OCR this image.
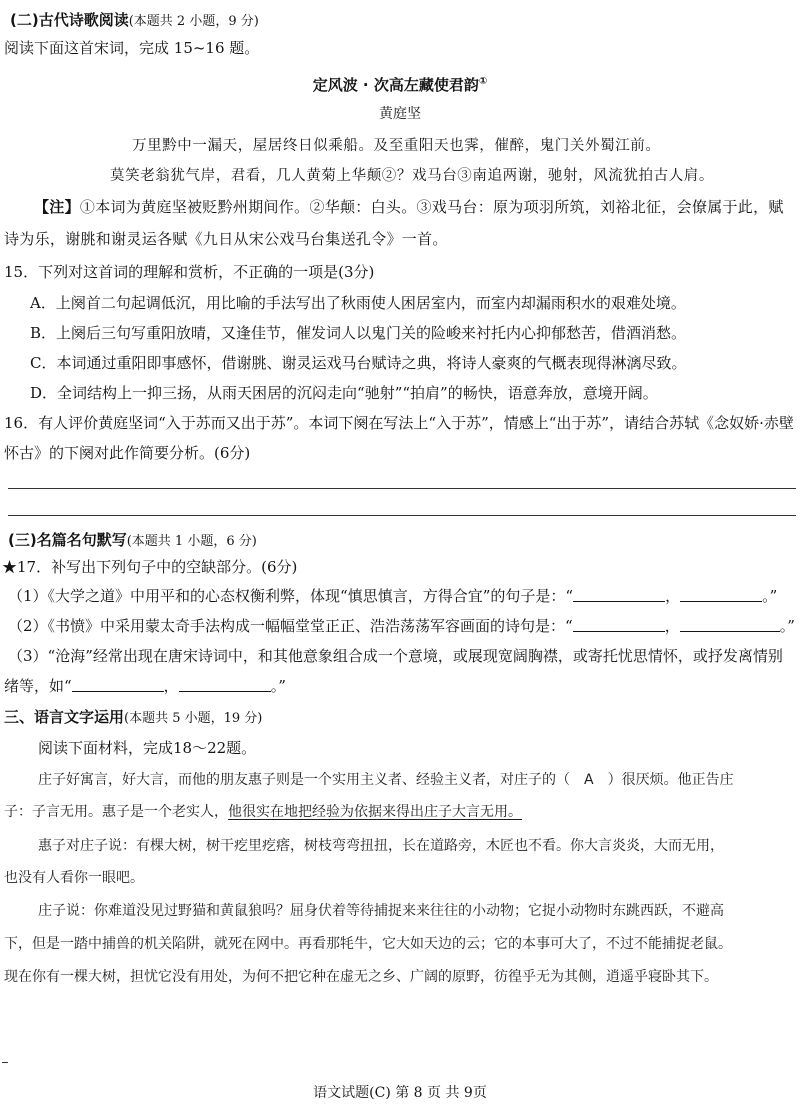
(二)古代诗歌阅读(本题共 2 小题，9 分)
阅读下面这首宋词，完成 15~16 题。
定风波 · 次高左藏使君韵①
黄庭坚
万里黔中一漏天，屋居终日似乘船。及至重阳天也霁，催醉，鬼门关外蜀江前。
莫笑老翁犹气岸，君看，几人黄菊上华颠②？戏马台③南追两谢，驰射，风流犹拍古人肩。
【注】①本词为黄庭坚被贬黔州期间作。②华颠：白头。③戏马台：原为项羽所筑，刘裕北征，会僚属于此，赋
诗为乐，谢朓和谢灵运各赋《九日从宋公戏马台集送孔令》一首。
15．下列对这首词的理解和赏析，不正确的一项是(3分)
A．上阕首二句起调低沉，用比喻的手法写出了秋雨使人困居室内，而室内却漏雨积水的艰难处境。
B．上阕后三句写重阳放晴，又逢佳节，催发词人以鬼门关的险峻来衬托内心抑郁愁苦，借酒消愁。
C．本词通过重阳即事感怀，借谢朓、谢灵运戏马台赋诗之典，将诗人豪爽的气概表现得淋漓尽致。
D．全词结构上一抑三扬，从雨天困居的沉闷走向“驰射”“拍肩”的畅快，语意奔放，意境开阔。
16．有人评价黄庭坚词“入于苏而又出于苏”。本词下阕在写法上“入于苏”，情感上“出于苏”，请结合苏轼《念奴娇·赤壁
怀古》的下阕对此作简要分析。(6分)
(三)名篇名句默写(本题共 1 小题，6 分)
★17．补写出下列句子中的空缺部分。(6分)
（1）《大学之道》中用平和的心态权衡利弊，体现“慎思慎言，方得合宜”的句子是：“	，	。”
（2）《书愤》中采用蒙太奇手法构成一幅幅堂堂正正、浩浩荡荡军容画面的诗句是：“	，	。”
（3）“沧海”经常出现在唐宋诗词中，和其他意象组合成一个意境，或展现宽阔胸襟，或寄托忧思情怀，或抒发离情别
绪等，如“	，	。”
三、语言文字运用(本题共 5 小题，19 分)
阅读下面材料，完成18～22题。
庄子好寓言，好大言，而他的朋友惠子则是一个实用主义者、经验主义者，对庄子的（　A　）很厌烦。他正告庄
子：子言无用。惠子是一个老实人，他很实在地把经验为依据来得出庄子大言无用。
惠子对庄子说：有棵大树，树干疙里疙瘩，树枝弯弯扭扭，长在道路旁，木匠也不看。你大言炎炎，大而无用，
也没有人看你一眼吧。
庄子说：你难道没见过野猫和黄鼠狼吗？屈身伏着等待捕捉来来往往的小动物；它捉小动物时东跳西跃，不避高
下，但是一踏中捕兽的机关陷阱，就死在网中。再看那牦牛，它大如天边的云；它的本事可大了，不过不能捕捉老鼠。
现在你有一棵大树，担忧它没有用处，为何不把它种在虚无之乡、广阔的原野，彷徨乎无为其侧，逍遥乎寝卧其下。
语文试题(C) 第 8 页 共 9页
